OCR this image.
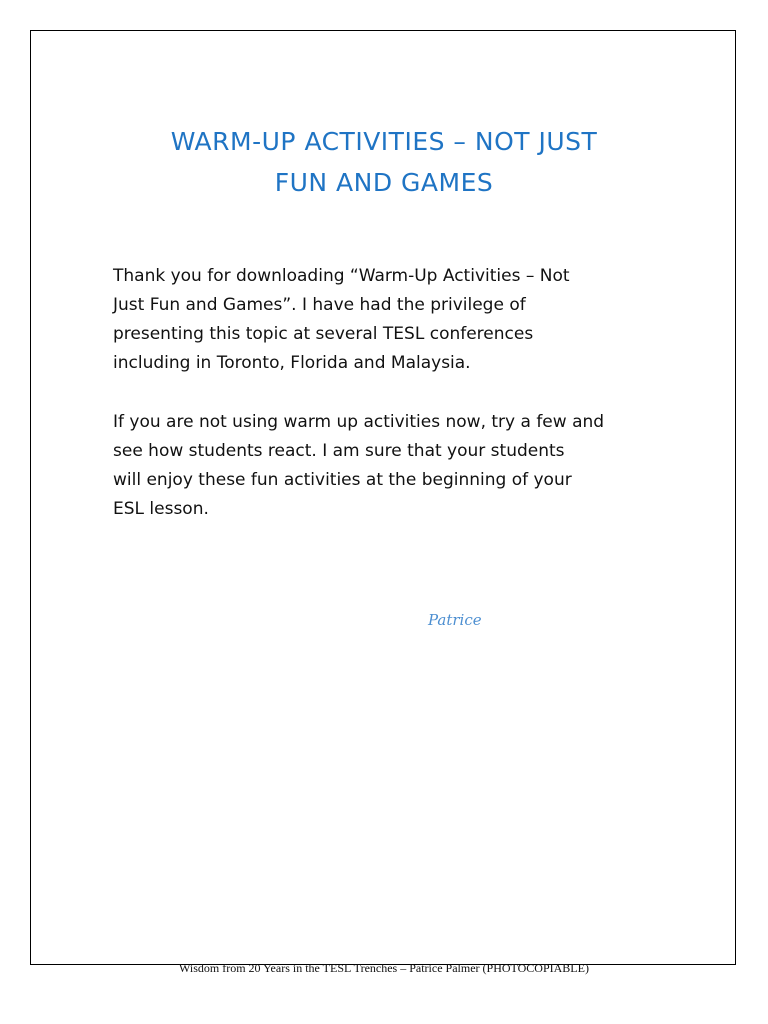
WARM-UP ACTIVITIES – NOT JUST
FUN AND GAMES
Thank you for downloading “Warm-Up Activities – Not
Just Fun and Games”. I have had the privilege of
presenting this topic at several TESL conferences
including in Toronto, Florida and Malaysia.
If you are not using warm up activities now, try a few and
see how students react. I am sure that your students
will enjoy these fun activities at the beginning of your
ESL lesson.
Patrice
Wisdom from 20 Years in the TESL Trenches – Patrice Palmer (PHOTOCOPIABLE)
